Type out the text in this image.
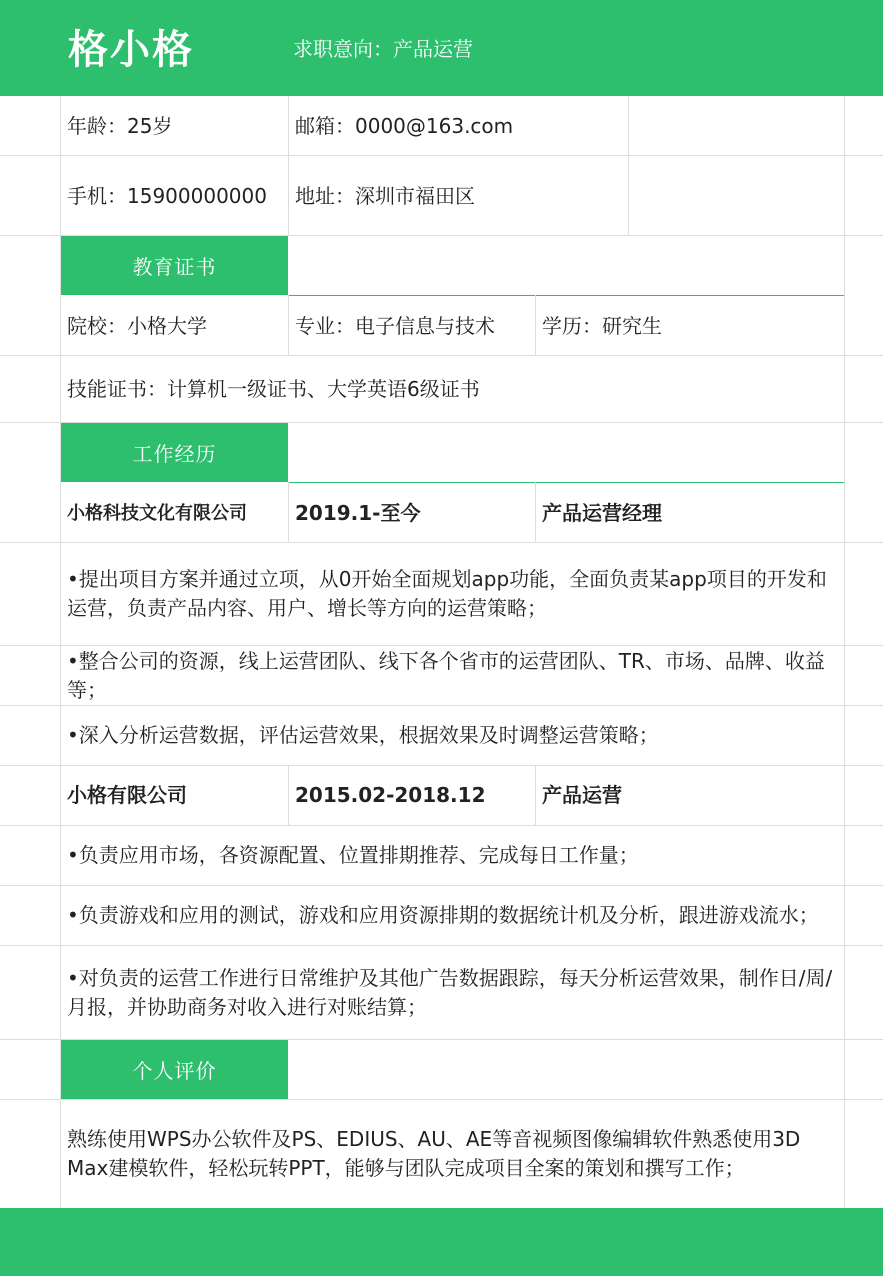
格小格	求职意向：产品运营
年龄：25岁	邮箱：0000@163.com
手机：15900000000	地址：深圳市福田区
教育证书
院校：小格大学	专业：电子信息与技术	学历：研究生
技能证书：计算机一级证书、大学英语6级证书
工作经历
小格科技文化有限公司	2019.1-至今	产品运营经理
•提出项目方案并通过立项，从0开始全面规划app功能，全面负责某app项目的开发和运营，负责产品内容、用户、增长等方向的运营策略；
•整合公司的资源，线上运营团队、线下各个省市的运营团队、TR、市场、品牌、收益等；
•深入分析运营数据，评估运营效果，根据效果及时调整运营策略；
小格有限公司	2015.02-2018.12	产品运营
•负责应用市场，各资源配置、位置排期推荐、完成每日工作量；
•负责游戏和应用的测试，游戏和应用资源排期的数据统计机及分析，跟进游戏流水；
•对负责的运营工作进行日常维护及其他广告数据跟踪，每天分析运营效果，制作日/周/月报，并协助商务对收入进行对账结算；
个人评价
熟练使用WPS办公软件及PS、EDIUS、AU、AE等音视频图像编辑软件熟悉使用3D Max建模软件，轻松玩转PPT，能够与团队完成项目全案的策划和撰写工作；
